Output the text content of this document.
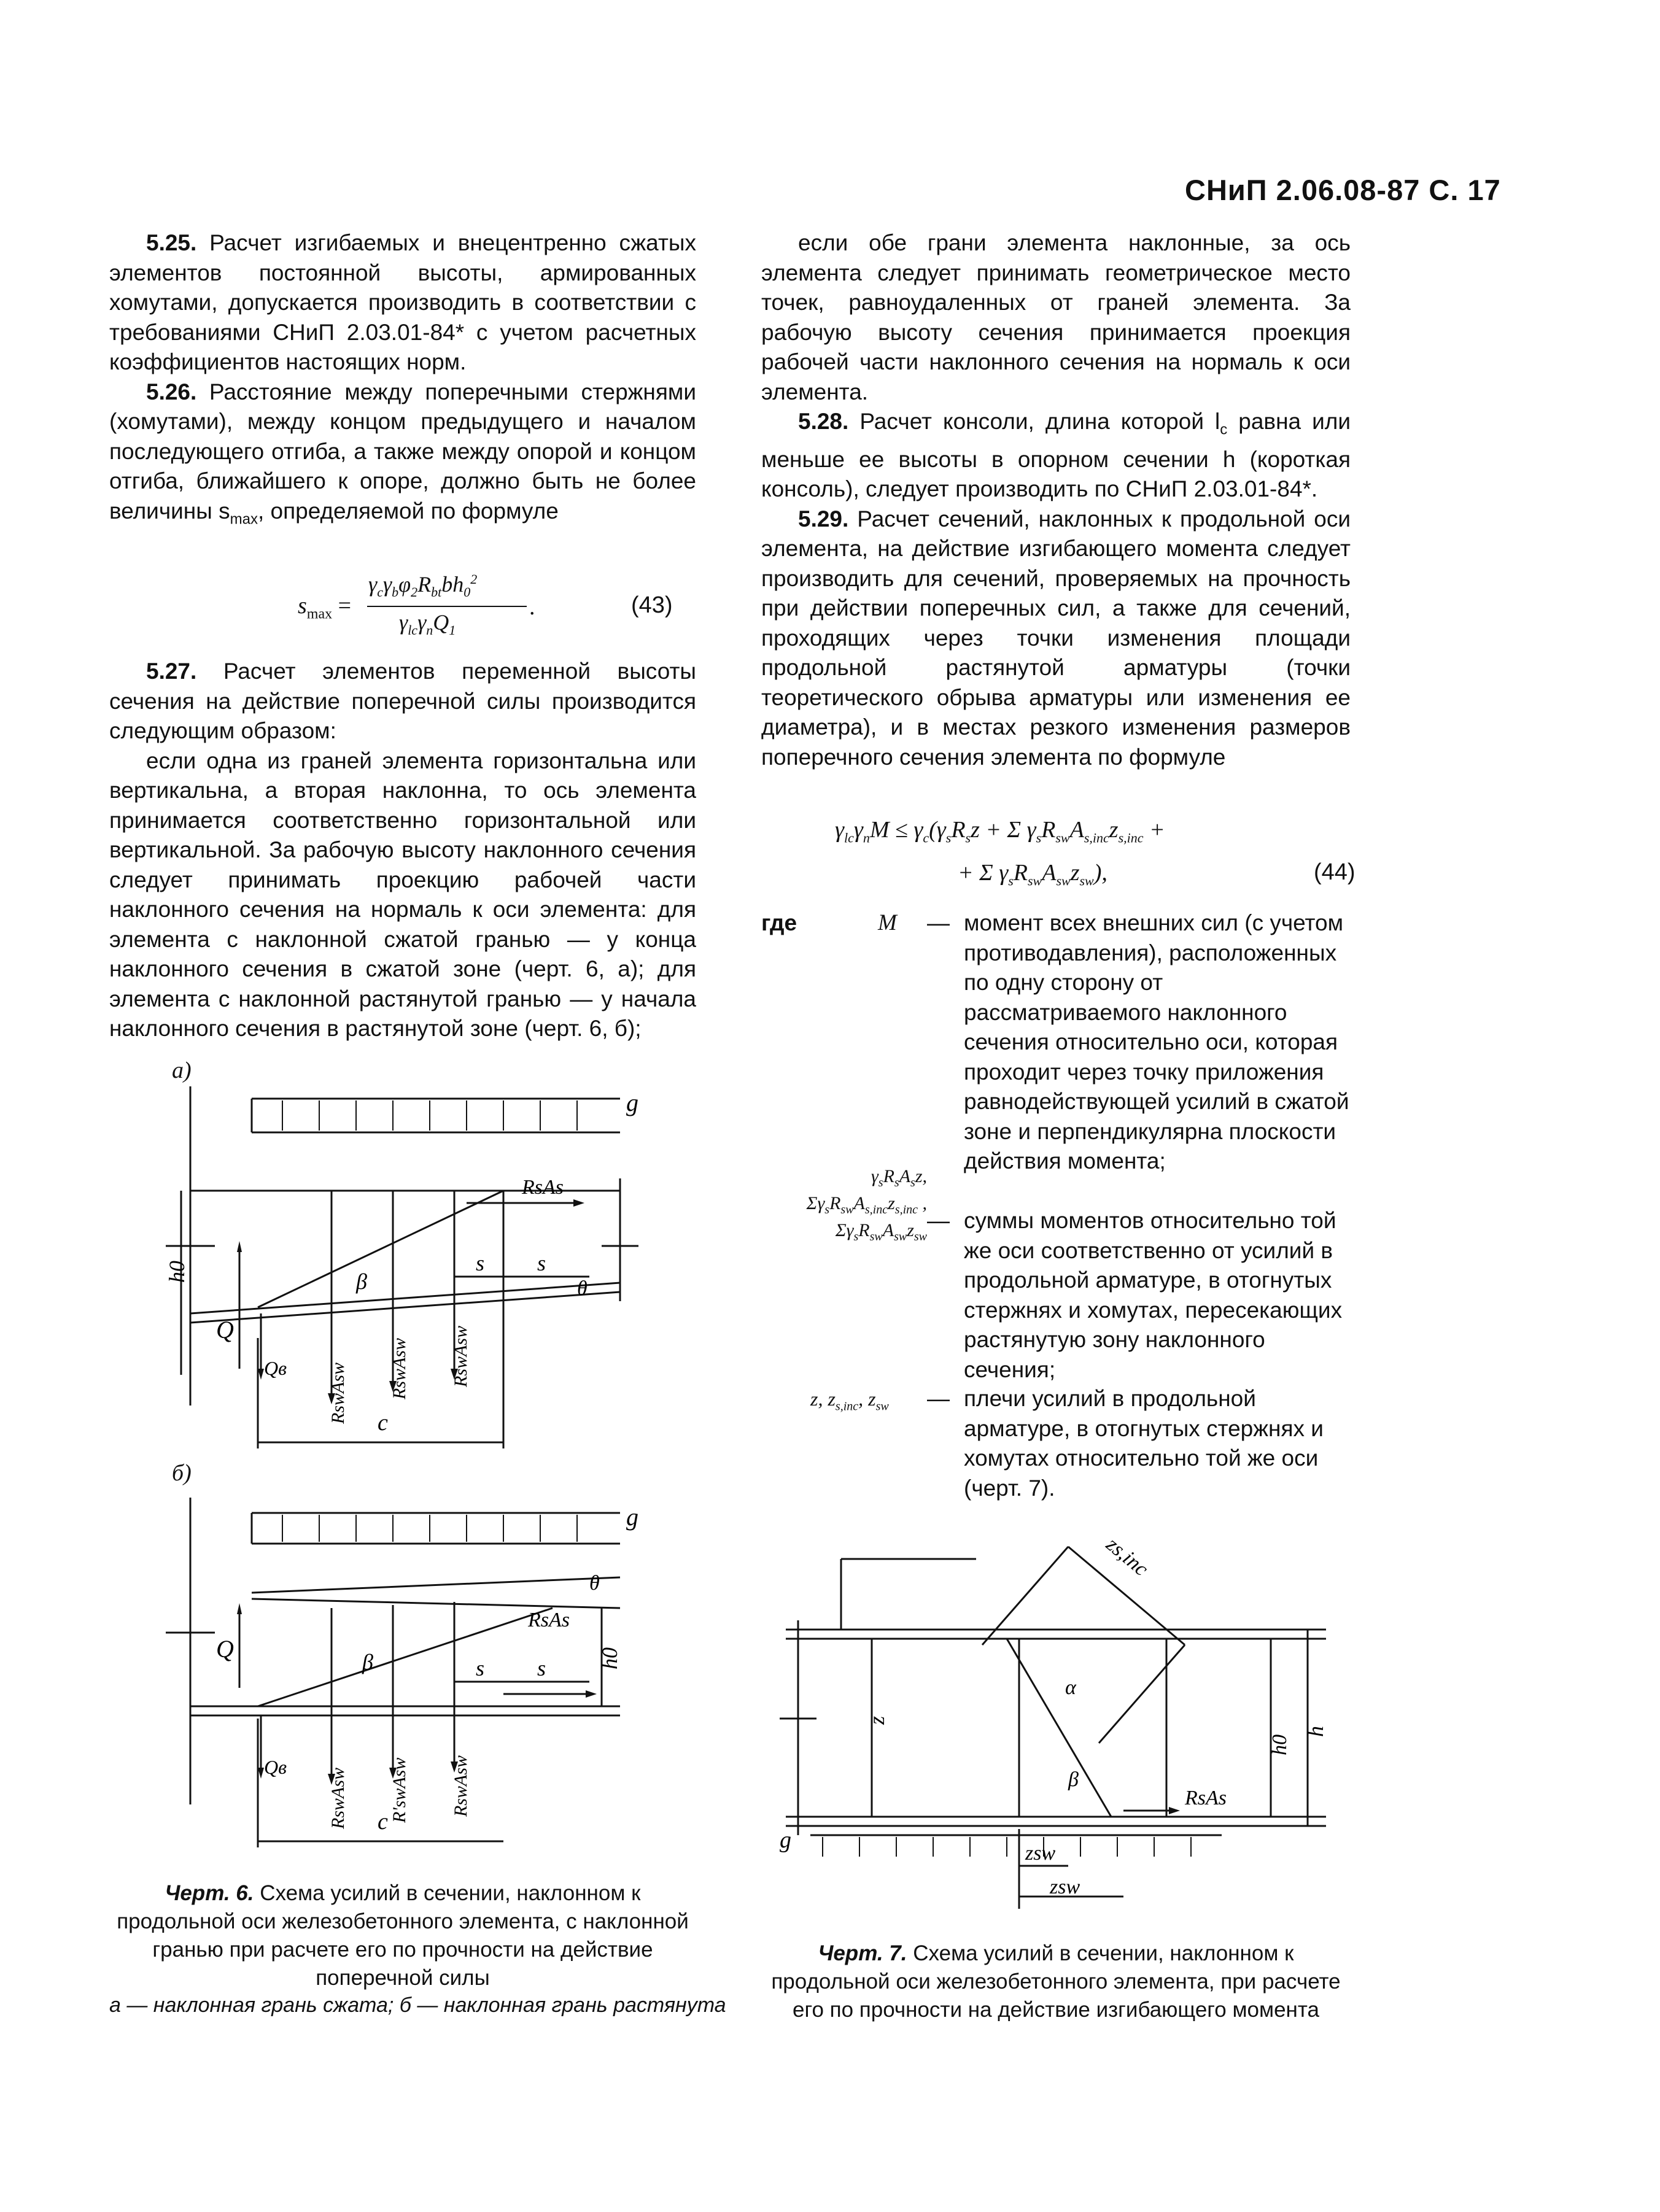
СНиП 2.06.08-87 С. 17

5.25. Расчет изгибаемых и внецентренно сжатых элементов постоянной высоты, армированных хомутами, допускается производить в соответствии с требованиями СНиП 2.03.01-84* с учетом расчетных коэффициентов настоящих норм.

5.26. Расстояние между поперечными стержнями (хомутами), между концом предыдущего и началом последующего отгиба, а также между опорой и концом отгиба, ближайшего к опоре, должно быть не более величины $s_{max}$, определяемой по формуле

$s_{max}$ =
$\gamma_c\gamma_b\varphi_2R_{bt}bh_0^2$
$\gamma_{lc}\gamma_nQ_1$
.	(43)

5.27. Расчет элементов переменной высоты сечения на действие поперечной силы производится следующим образом:

если одна из граней элемента горизонтальна или вертикальна, а вторая наклонна, то ось элемента принимается соответственно горизонтальной или вертикальной. За рабочую высоту наклонного сечения следует принимать проекцию рабочей части наклонного сечения на нормаль к оси элемента: для элемента с наклонной сжатой гранью — у конца наклонного сечения в сжатой зоне (черт. 6, а); для элемента с наклонной растянутой гранью — у начала наклонного сечения в растянутой зоне (черт. 6, б);

а)
g
Q
Qв
h0	s s
c
β	θ
RsAs
RswAsw RswAsw RswAsw
б)
g
Q
Qв
h0
s s
c
β
θ
RsAs
RswAsw R'swAsw RswAsw
Черт. 6. Схема усилий в сечении, наклонном к продольной оси железобетонного элемента, с наклонной гранью при расчете его по прочности на действие поперечной силы
а — наклонная грань сжата; б — наклонная грань растянута

если обе грани элемента наклонные, за ось элемента следует принимать геометрическое место точек, равноудаленных от граней элемента. За рабочую высоту сечения принимается проекция рабочей части наклонного сечения на нормаль к оси элемента.

5.28. Расчет консоли, длина которой $l_c$ равна или меньше ее высоты в опорном сечении h (короткая консоль), следует производить по СНиП 2.03.01-84*.

5.29. Расчет сечений, наклонных к продольной оси элемента, на действие изгибающего момента следует производить для сечений, проверяемых на прочность при действии поперечных сил, а также для сечений, проходящих через точки изменения площади продольной растянутой арматуры (точки теоретического обрыва арматуры или изменения ее диаметра), и в местах резкого изменения размеров поперечного сечения элемента по формуле

$\gamma_{lc}\gamma_nM \le \gamma_c(\gamma_sR_sz + \Sigma$ $\gamma_sR_{sw}A_{s,inc}z_{s,inc}$ +
+ Σ $\gamma_sR_{sw}A_{sw}z_{sw}$),	(44)
где	M — момент всех внешних сил (с учетом противодавления), расположенных по одну сторону от рассматриваемого наклонного сечения относительно оси, которая проходит через точку приложения равнодействующей усилий в сжатой зоне и перпендикулярна плоскости действия момента;
$\gamma_sR_sA_sz$,
$\Sigma\gamma_sR_{sw}A_{s,inc}z_{s,inc}$ ,
$\Sigma\gamma_sR_{sw}A_{sw}z_{sw}$
— суммы моментов относительно той же оси соответственно от усилий в продольной арматуре, в отогнутых стержнях и хомутах, пересекающих растянутую зону наклонного сечения;
z, $z_{s,inc}$, $z_{sw}$ — плечи усилий в продольной арматуре, в отогнутых стержнях и хомутах относительно той же оси (черт. 7).
zs,inc
h0
h
z
zsw
zsw
g
RsAs
α
β
Черт. 7. Схема усилий в сечении, наклонном к продольной оси железобетонного элемента, при расчете его по прочности на действие изгибающего момента
